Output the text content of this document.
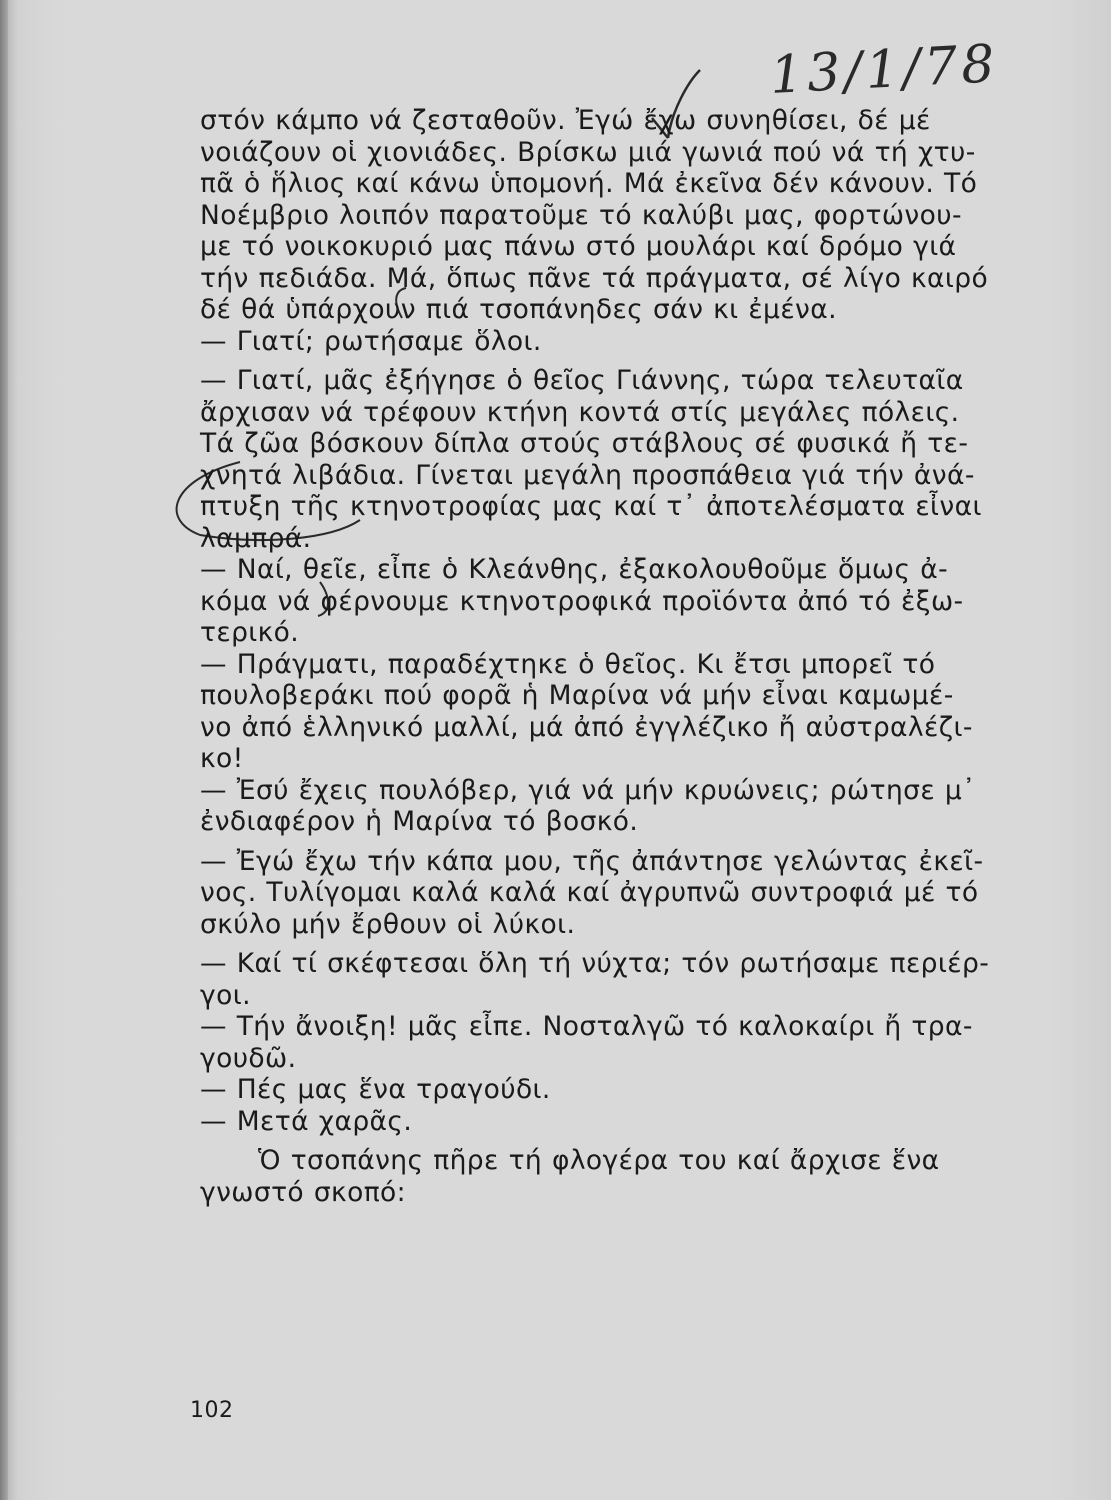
13/1/78
στόν κάμπο νά ζεσταθοῦν. Ἐγώ ἔχω συνηθίσει, δέ μέ
νοιάζουν οἱ χιονιάδες. Βρίσκω μιά γωνιά πού νά τή χτυ-
πᾶ ὁ ἥλιος καί κάνω ὑπομονή. Μά ἐκεῖνα δέν κάνουν. Τό
Νοέμβριο λοιπόν παρατοῦμε τό καλύβι μας, φορτώνου-
με τό νοικοκυριό μας πάνω στό μουλάρι καί δρόμο γιά
τήν πεδιάδα. Μά, ὅπως πᾶνε τά πράγματα, σέ λίγο καιρό
δέ θά ὑπάρχουν πιά τσοπάνηδες σάν κι ἐμένα.
— Γιατί; ρωτήσαμε ὅλοι.
— Γιατί, μᾶς ἐξήγησε ὁ θεῖος Γιάννης, τώρα τελευταῖα
ἄρχισαν νά τρέφουν κτήνη κοντά στίς μεγάλες πόλεις.
Τά ζῶα βόσκουν δίπλα στούς στάβλους σέ φυσικά ἤ τε-
χνητά λιβάδια. Γίνεται μεγάλη προσπάθεια γιά τήν ἀνά-
πτυξη τῆς κτηνοτροφίας μας καί τ᾽ ἀποτελέσματα εἶναι
λαμπρά.
— Ναί, θεῖε, εἶπε ὁ Κλεάνθης, ἐξακολουθοῦμε ὅμως ἀ-
κόμα νά φέρνουμε κτηνοτροφικά προϊόντα ἀπό τό ἐξω-
τερικό.
— Πράγματι, παραδέχτηκε ὁ θεῖος. Κι ἔτσι μπορεῖ τό
πουλοβεράκι πού φορᾶ ἡ Μαρίνα νά μήν εἶναι καμωμέ-
νο ἀπό ἑλληνικό μαλλί, μά ἀπό ἐγγλέζικο ἤ αὐστραλέζι-
κο!
— Ἐσύ ἔχεις πουλόβερ, γιά νά μήν κρυώνεις; ρώτησε μ᾽
ἐνδιαφέρον ἡ Μαρίνα τό βοσκό.
— Ἐγώ ἔχω τήν κάπα μου, τῆς ἀπάντησε γελώντας ἐκεῖ-
νος. Τυλίγομαι καλά καλά καί ἀγρυπνῶ συντροφιά μέ τό
σκύλο μήν ἔρθουν οἱ λύκοι.
— Καί τί σκέφτεσαι ὅλη τή νύχτα; τόν ρωτήσαμε περιέρ-
γοι.
— Τήν ἄνοιξη! μᾶς εἶπε. Νοσταλγῶ τό καλοκαίρι ἤ τρα-
γουδῶ.
— Πές μας ἕνα τραγούδι.
— Μετά χαρᾶς.
Ὁ τσοπάνης πῆρε τή φλογέρα του καί ἄρχισε ἕνα
γνωστό σκοπό:
102
